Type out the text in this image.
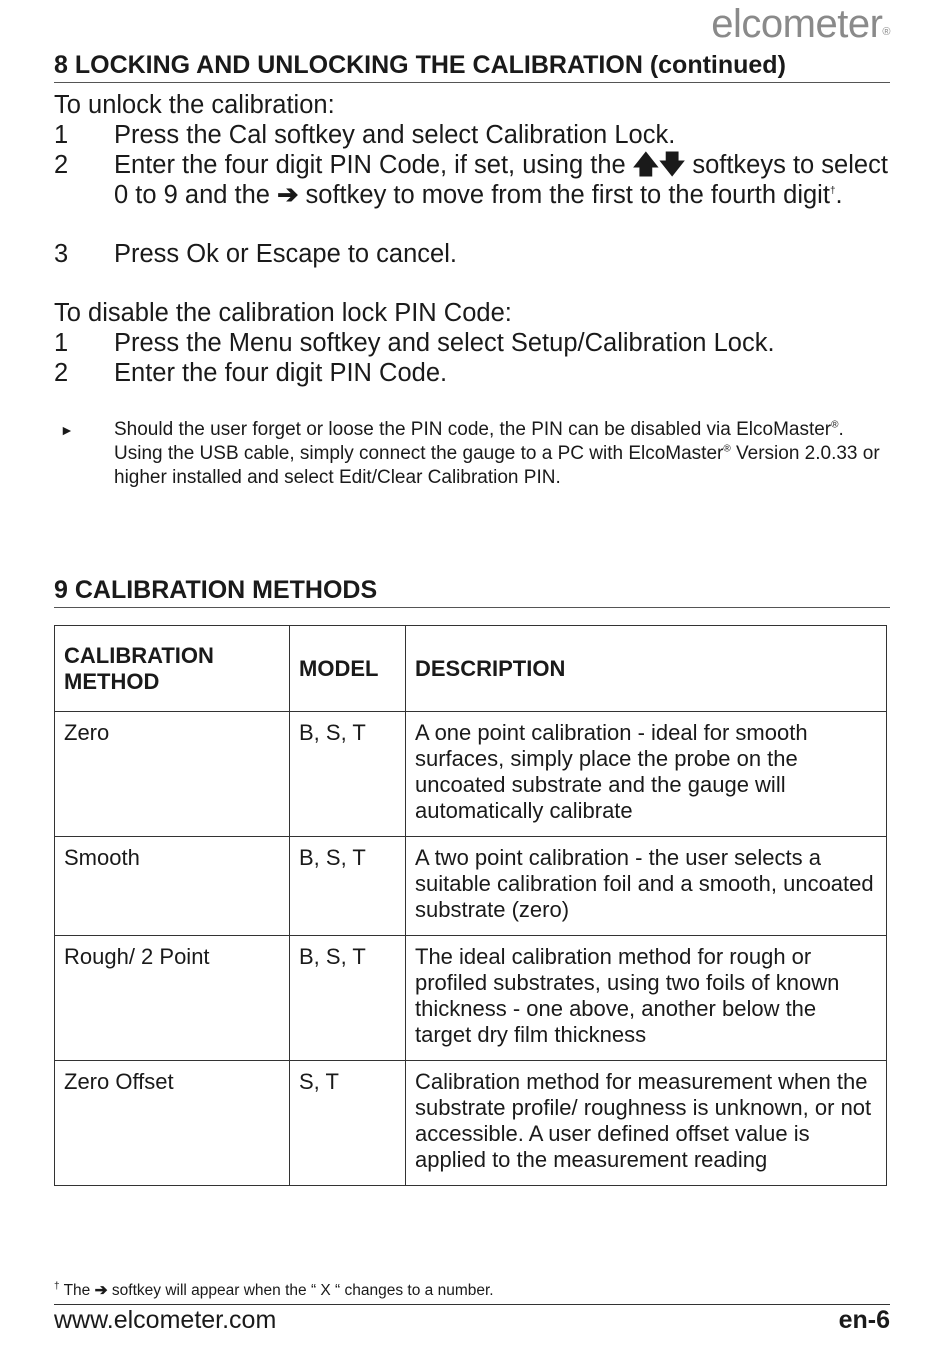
elcometer®
8 LOCKING AND UNLOCKING THE CALIBRATION (continued)
To unlock the calibration:
1 Press the Cal softkey and select Calibration Lock.
2 Enter the four digit PIN Code, if set, using the 🡅🡇 softkeys to select 0 to 9 and the ➔ softkey to move from the first to the fourth digit†.
3 Press Ok or Escape to cancel.
To disable the calibration lock PIN Code:
1 Press the Menu softkey and select Setup/Calibration Lock.
2 Enter the four digit PIN Code.
► Should the user forget or loose the PIN code, the PIN can be disabled via ElcoMaster®. Using the USB cable, simply connect the gauge to a PC with ElcoMaster® Version 2.0.33 or higher installed and select Edit/Clear Calibration PIN.
9 CALIBRATION METHODS
CALIBRATION METHOD	MODEL	DESCRIPTION
Zero	B, S, T	A one point calibration - ideal for smooth surfaces, simply place the probe on the uncoated substrate and the gauge will automatically calibrate
Smooth	B, S, T	A two point calibration - the user selects a suitable calibration foil and a smooth, uncoated substrate (zero)
Rough/ 2 Point	B, S, T	The ideal calibration method for rough or profiled substrates, using two foils of known thickness - one above, another below the target dry film thickness
Zero Offset	S, T	Calibration method for measurement when the substrate profile/ roughness is unknown, or not accessible. A user defined offset value is applied to the measurement reading
† The ➔ softkey will appear when the “ X “ changes to a number.
www.elcometer.com	en-6
